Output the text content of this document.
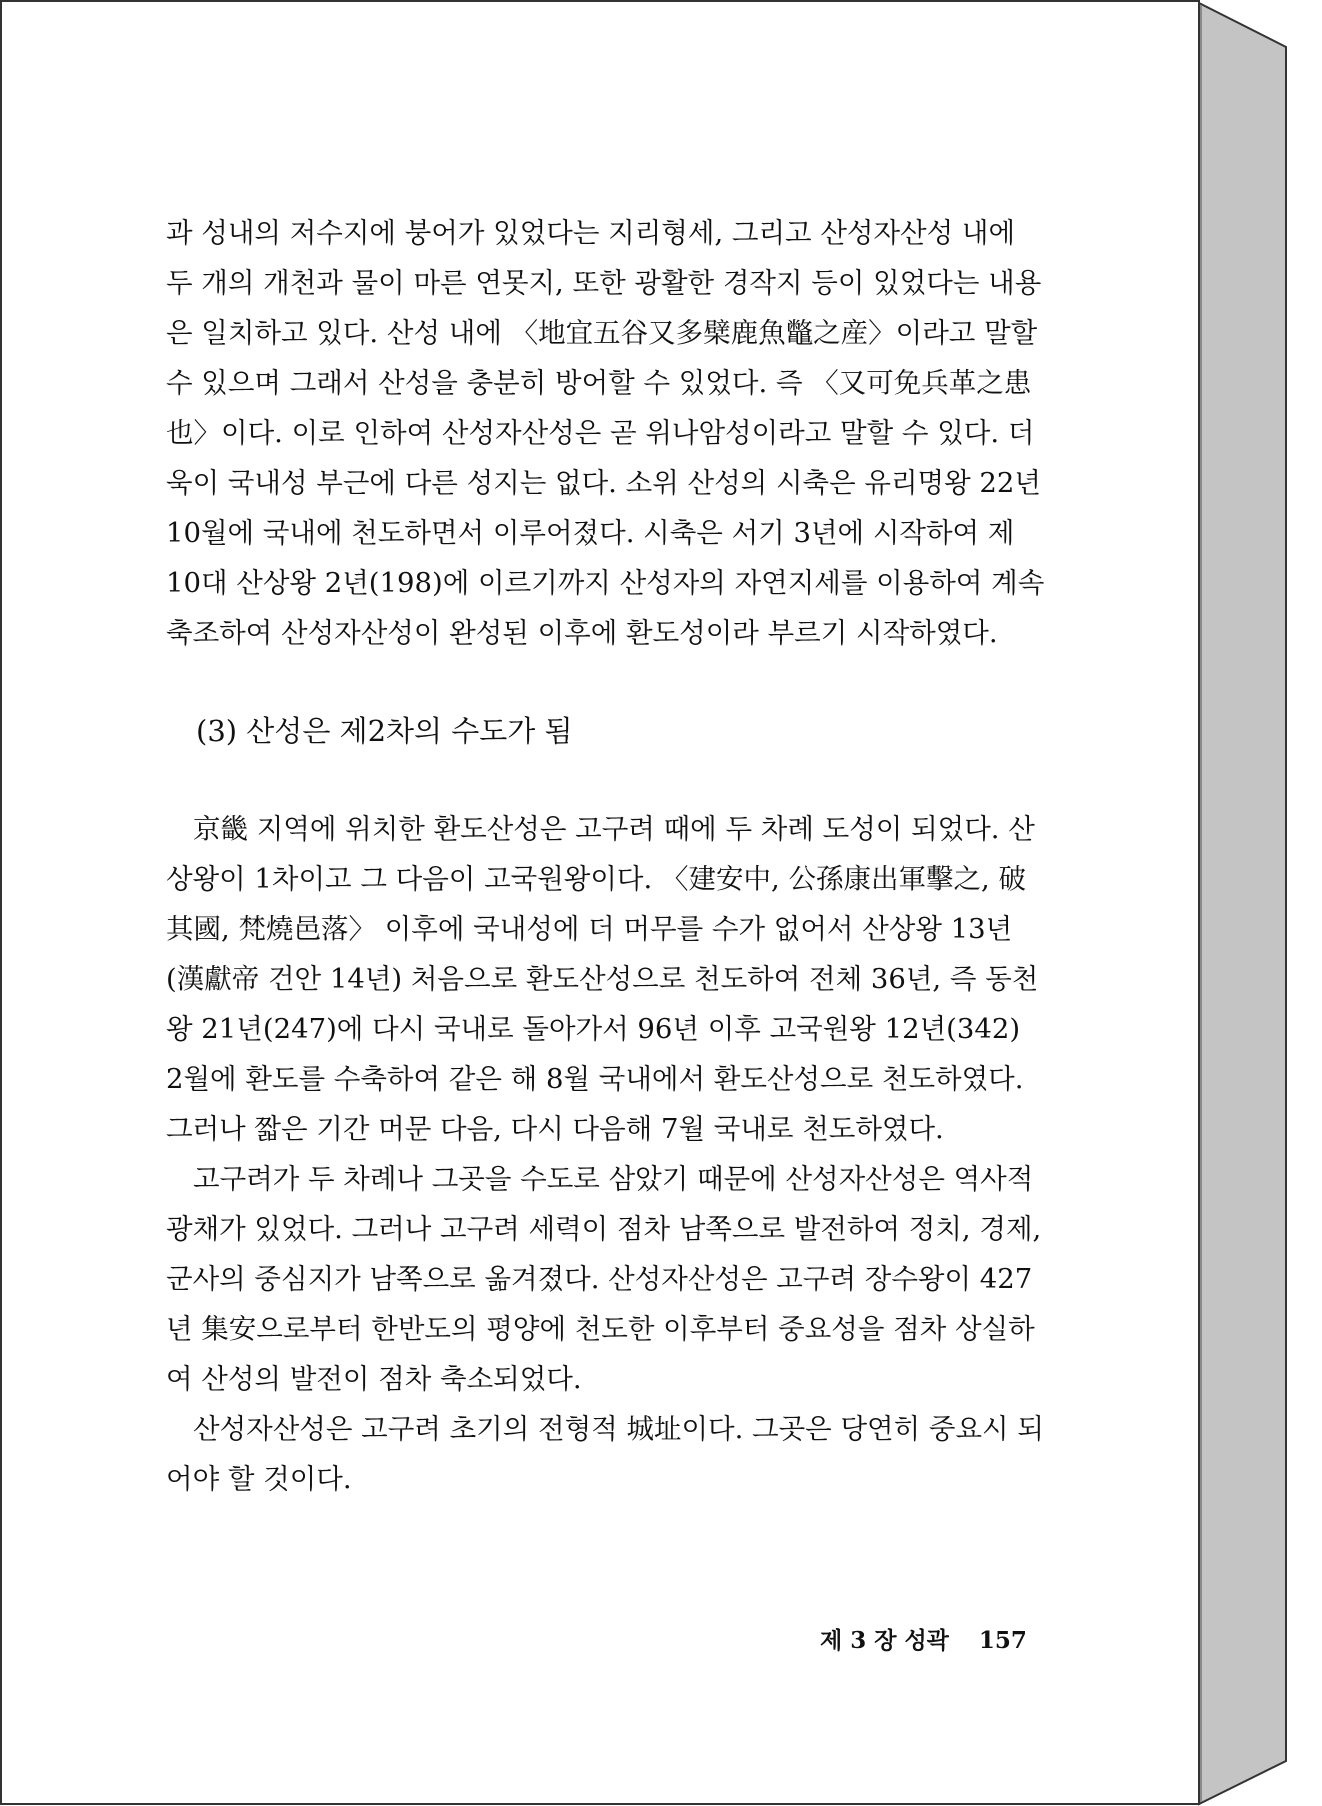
과 성내의 저수지에 붕어가 있었다는 지리형세, 그리고 산성자산성 내에 두 개의 개천과 물이 마른 연못지, 또한 광활한 경작지 등이 있었다는 내용은 일치하고 있다. 산성 내에 〈地宜五谷又多檗鹿魚鼈之産〉이라고 말할 수 있으며 그래서 산성을 충분히 방어할 수 있었다. 즉 〈又可免兵革之患也〉이다. 이로 인하여 산성자산성은 곧 위나암성이라고 말할 수 있다. 더욱이 국내성 부근에 다른 성지는 없다. 소위 산성의 시축은 유리명왕 22년 10월에 국내에 천도하면서 이루어졌다. 시축은 서기 3년에 시작하여 제10대 산상왕 2년(198)에 이르기까지 산성자의 자연지세를 이용하여 계속 축조하여 산성자산성이 완성된 이후에 환도성이라 부르기 시작하였다.

(3) 산성은 제2차의 수도가 됨

京畿 지역에 위치한 환도산성은 고구려 때에 두 차례 도성이 되었다. 산상왕이 1차이고 그 다음이 고국원왕이다. 〈建安中, 公孫康出軍擊之, 破其國, 梵燒邑落〉 이후에 국내성에 더 머무를 수가 없어서 산상왕 13년 (漢獻帝 건안 14년) 처음으로 환도산성으로 천도하여 전체 36년, 즉 동천왕 21년(247)에 다시 국내로 돌아가서 96년 이후 고국원왕 12년(342) 2월에 환도를 수축하여 같은 해 8월 국내에서 환도산성으로 천도하였다. 그러나 짧은 기간 머문 다음, 다시 다음해 7월 국내로 천도하였다.

고구려가 두 차례나 그곳을 수도로 삼았기 때문에 산성자산성은 역사적 광채가 있었다. 그러나 고구려 세력이 점차 남쪽으로 발전하여 정치, 경제, 군사의 중심지가 남쪽으로 옮겨졌다. 산성자산성은 고구려 장수왕이 427년 集安으로부터 한반도의 평양에 천도한 이후부터 중요성을 점차 상실하여 산성의 발전이 점차 축소되었다.

산성자산성은 고구려 초기의 전형적 城址이다. 그곳은 당연히 중요시 되어야 할 것이다.

제 3 장 성곽 157
